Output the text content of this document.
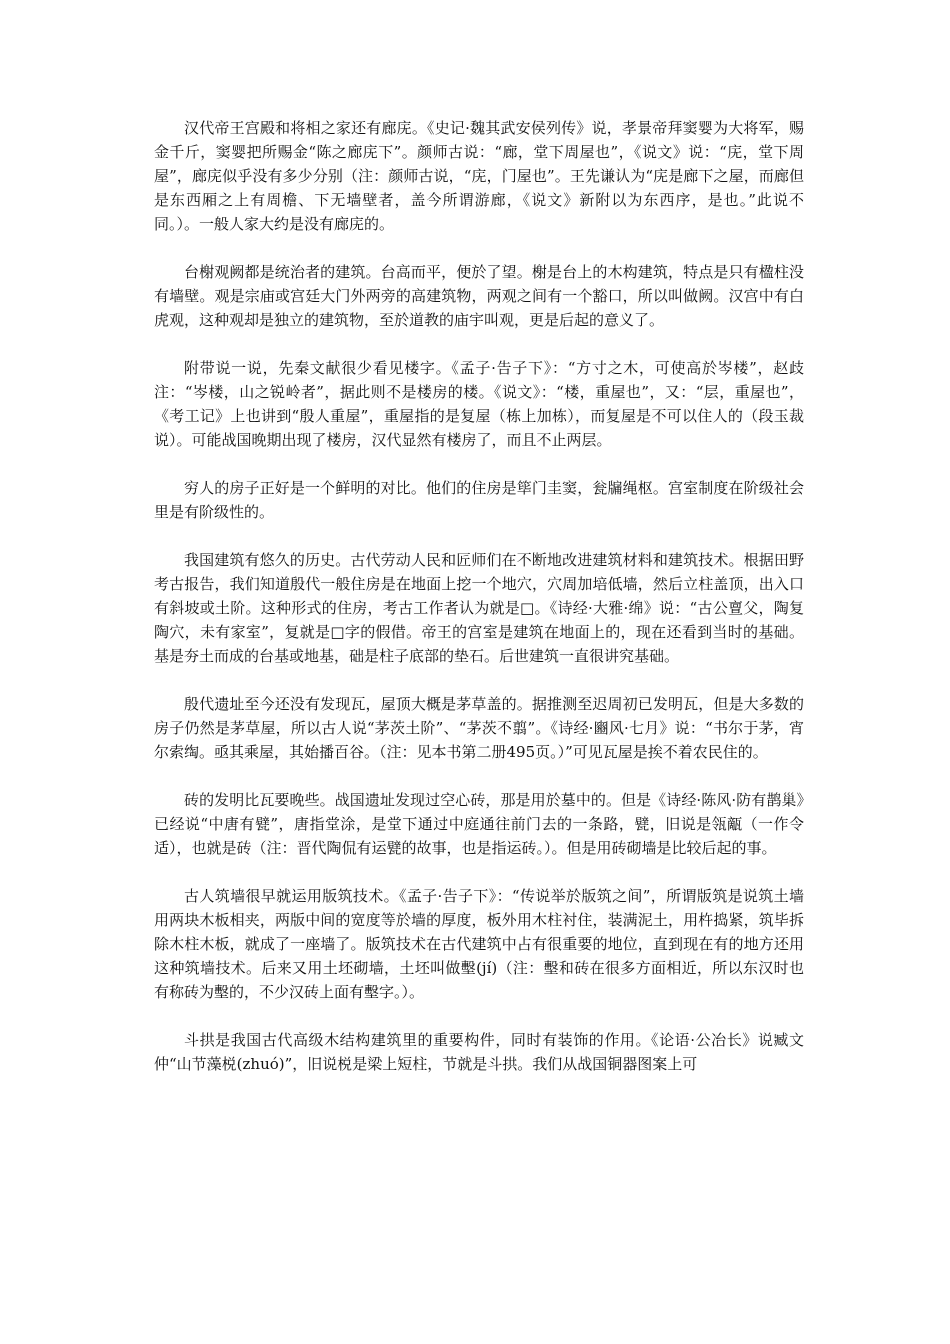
汉代帝王宫殿和将相之家还有廊庑。《史记·魏其武安侯列传》说，孝景帝拜窦婴为大将军，赐金千斤，窦婴把所赐金“陈之廊庑下”。颜师古说：“廊，堂下周屋也”，《说文》说：“庑，堂下周屋”，廊庑似乎没有多少分别（注：颜师古说，“庑，门屋也”。王先谦认为“庑是廊下之屋，而廊但是东西厢之上有周檐、下无墙壁者，盖今所谓游廊，《说文》新附以为东西序，是也。”此说不同。）。一般人家大约是没有廊庑的。

台榭观阙都是统治者的建筑。台高而平，便於了望。榭是台上的木构建筑，特点是只有楹柱没有墙壁。观是宗庙或宫廷大门外两旁的高建筑物，两观之间有一个豁口，所以叫做阙。汉宫中有白虎观，这种观却是独立的建筑物，至於道教的庙宇叫观，更是后起的意义了。

附带说一说，先秦文献很少看见楼字。《孟子·告子下》：“方寸之木，可使高於岑楼”，赵歧注：“岑楼，山之锐岭者”，据此则不是楼房的楼。《说文》：“楼，重屋也”，又：“层，重屋也”，《考工记》上也讲到“殷人重屋”，重屋指的是复屋（栋上加栋），而复屋是不可以住人的（段玉裁说）。可能战国晚期出现了楼房，汉代显然有楼房了，而且不止两层。

穷人的房子正好是一个鲜明的对比。他们的住房是筚门圭窦，瓮牖绳枢。宫室制度在阶级社会里是有阶级性的。

我国建筑有悠久的历史。古代劳动人民和匠师们在不断地改进建筑材料和建筑技术。根据田野考古报告，我们知道殷代一般住房是在地面上挖一个地穴，穴周加培低墙，然后立柱盖顶，出入口有斜坡或土阶。这种形式的住房，考古工作者认为就是□。《诗经·大雅·绵》说：“古公亶父，陶复陶穴，未有家室”，复就是□字的假借。帝王的宫室是建筑在地面上的，现在还看到当时的基础。基是夯土而成的台基或地基，础是柱子底部的垫石。后世建筑一直很讲究基础。

殷代遗址至今还没有发现瓦，屋顶大概是茅草盖的。据推测至迟周初已发明瓦，但是大多数的房子仍然是茅草屋，所以古人说“茅茨土阶”、“茅茨不翦”。《诗经·豳风·七月》说：“书尔于茅，宵尔索绹。亟其乘屋，其始播百谷。（注：见本书第二册495页。）”可见瓦屋是挨不着农民住的。

砖的发明比瓦要晚些。战国遗址发现过空心砖，那是用於墓中的。但是《诗经·陈风·防有鹊巢》已经说“中唐有甓”，唐指堂涂，是堂下通过中庭通往前门去的一条路，甓，旧说是瓴甋（一作令适），也就是砖（注：晋代陶侃有运甓的故事，也是指运砖。）。但是用砖砌墙是比较后起的事。

古人筑墙很早就运用版筑技术。《孟子·告子下》：“传说举於版筑之间”，所谓版筑是说筑土墙用两块木板相夹，两版中间的宽度等於墙的厚度，板外用木柱衬住，装满泥土，用杵捣紧，筑毕拆除木柱木板，就成了一座墙了。版筑技术在古代建筑中占有很重要的地位，直到现在有的地方还用这种筑墙技术。后来又用土坯砌墙，土坯叫做墼(jí)（注：墼和砖在很多方面相近，所以东汉时也有称砖为墼的，不少汉砖上面有墼字。）。

斗拱是我国古代高级木结构建筑里的重要构件，同时有装饰的作用。《论语·公冶长》说臧文仲“山节藻棁(zhuó)”，旧说棁是梁上短柱，节就是斗拱。我们从战国铜器图案上可
